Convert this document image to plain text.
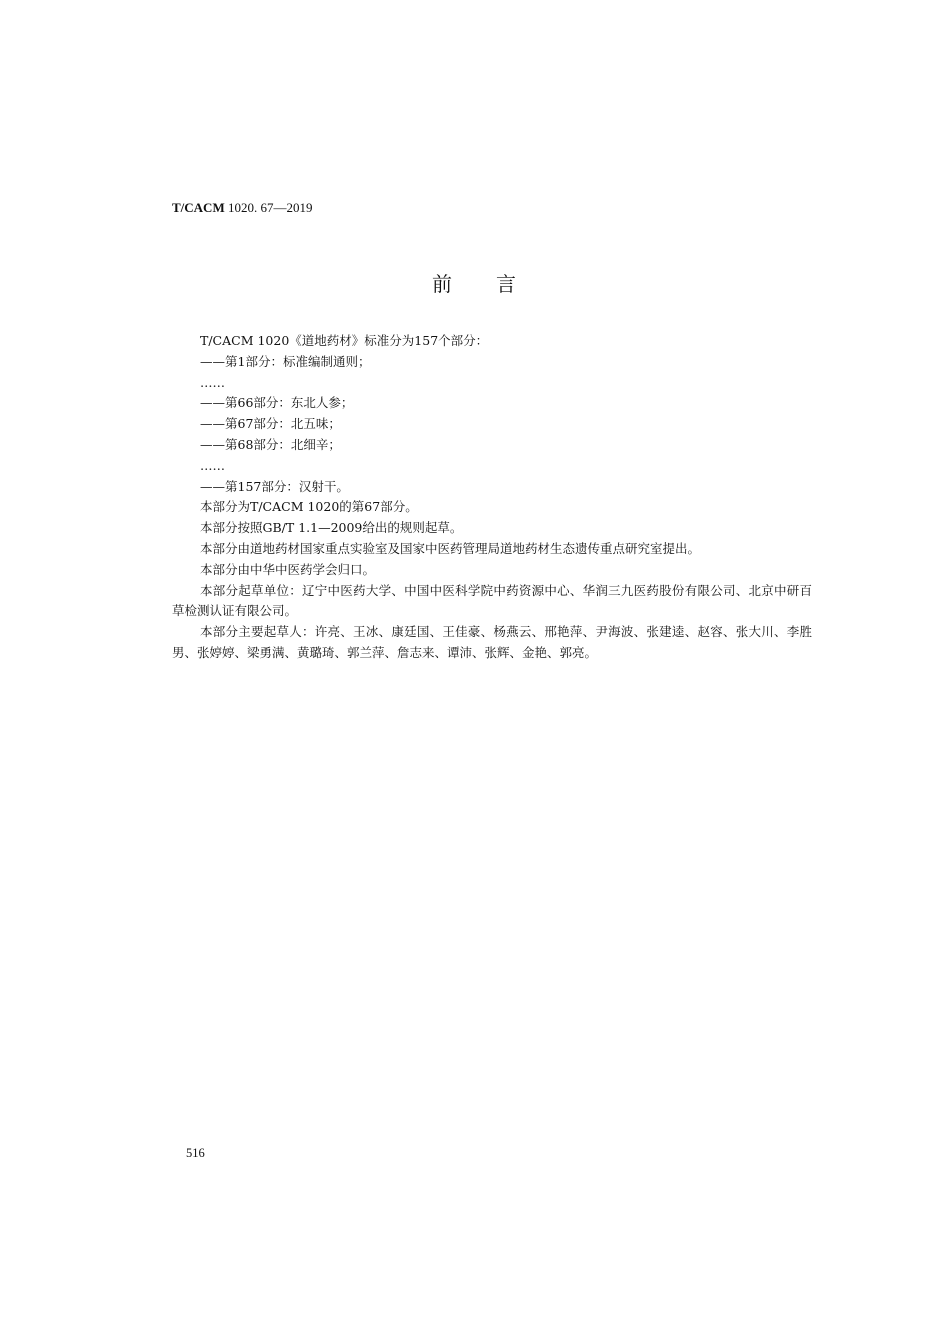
T/CACM 1020. 67—2019
前 言
T/CACM 1020《道地药材》标准分为157个部分：
——第1部分：标准编制通则；
……
——第66部分：东北人参；
——第67部分：北五味；
——第68部分：北细辛；
……
——第157部分：汉射干。
本部分为T/CACM 1020的第67部分。
本部分按照GB/T 1.1—2009给出的规则起草。
本部分由道地药材国家重点实验室及国家中医药管理局道地药材生态遗传重点研究室提出。
本部分由中华中医药学会归口。
本部分起草单位：辽宁中医药大学、中国中医科学院中药资源中心、华润三九医药股份有限公司、北京中研百草检测认证有限公司。
本部分主要起草人：许亮、王冰、康廷国、王佳豪、杨燕云、邢艳萍、尹海波、张建逵、赵容、张大川、李胜男、张婷婷、梁勇满、黄璐琦、郭兰萍、詹志来、谭沛、张辉、金艳、郭亮。
516
